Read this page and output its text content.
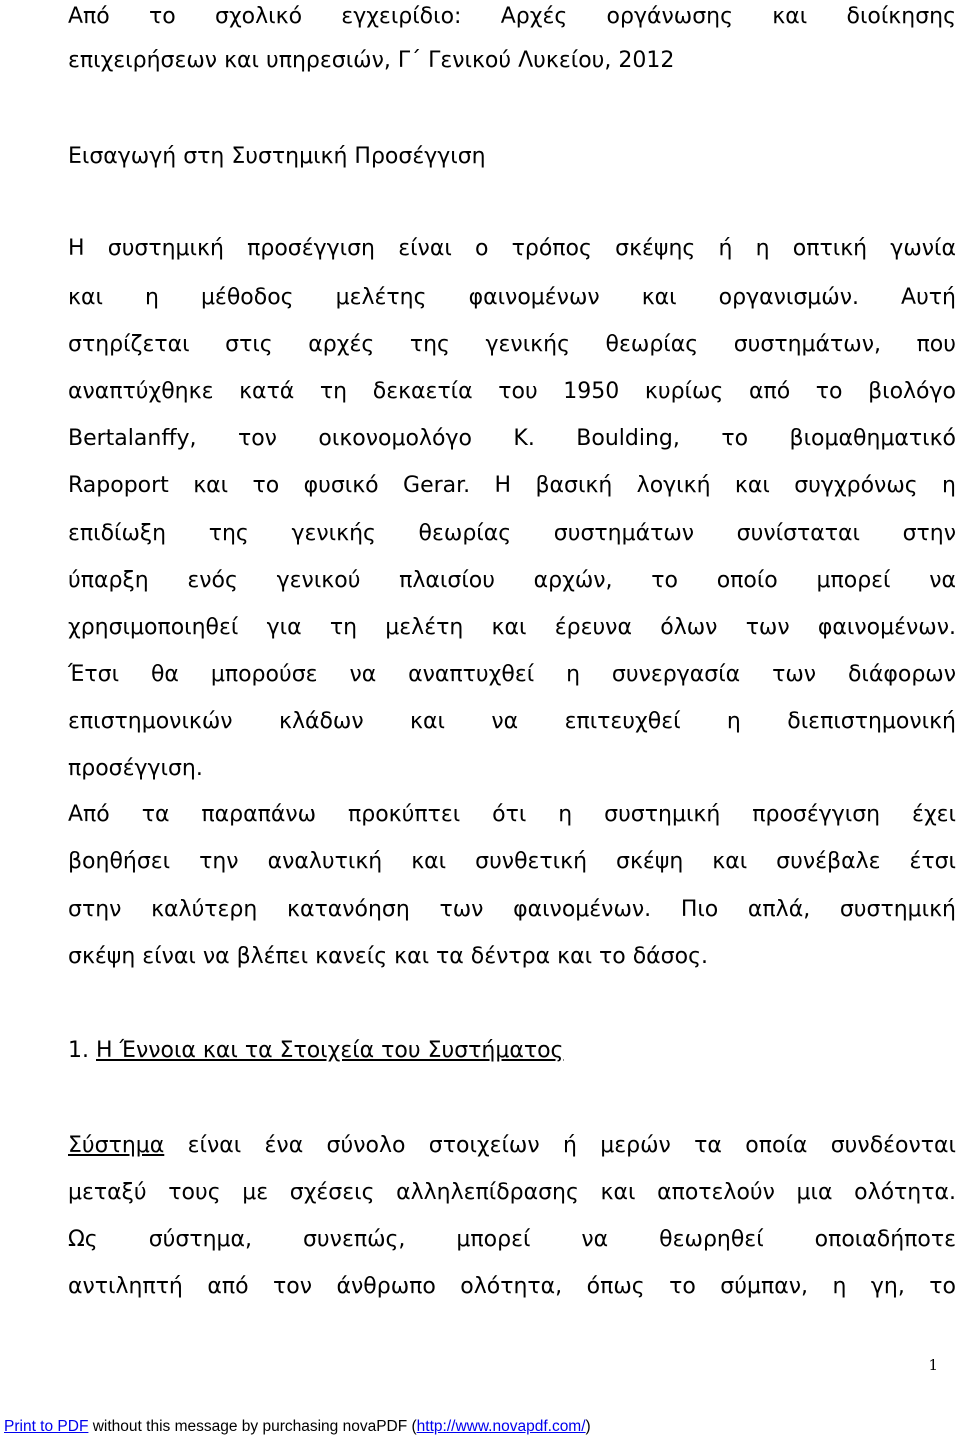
Από το σχολικό εγχειρίδιο: Αρχές οργάνωσης και διοίκησης
επιχειρήσεων και υπηρεσιών, Γ΄ Γενικού Λυκείου, 2012
Εισαγωγή στη Συστημική Προσέγγιση
Η συστημική προσέγγιση είναι ο τρόπος σκέψης ή η οπτική γωνία
και η μέθοδος μελέτης φαινομένων και οργανισμών. Αυτή
στηρίζεται στις αρχές της γενικής θεωρίας συστημάτων, που
αναπτύχθηκε κατά τη δεκαετία του 1950 κυρίως από το βιολόγο
Bertalanffy, τον οικονομολόγο K. Boulding, το βιομαθηματικό
Rapoport και το φυσικό Gerar. Η βασική λογική και συγχρόνως η
επιδίωξη της γενικής θεωρίας συστημάτων συνίσταται στην
ύπαρξη ενός γενικού πλαισίου αρχών, το οποίο μπορεί να
χρησιμοποιηθεί για τη μελέτη και έρευνα όλων των φαινομένων.
Έτσι θα μπορούσε να αναπτυχθεί η συνεργασία των διάφορων
επιστημονικών κλάδων και να επιτευχθεί η διεπιστημονική
προσέγγιση.
Από τα παραπάνω προκύπτει ότι η συστημική προσέγγιση έχει
βοηθήσει την αναλυτική και συνθετική σκέψη και συνέβαλε έτσι
στην καλύτερη κατανόηση των φαινομένων. Πιο απλά, συστημική
σκέψη είναι να βλέπει κανείς και τα δέντρα και το δάσος.
1. Η Έννοια και τα Στοιχεία του Συστήματος
Σύστημα είναι ένα σύνολο στοιχείων ή μερών τα οποία συνδέονται
μεταξύ τους με σχέσεις αλληλεπίδρασης και αποτελούν μια ολότητα.
Ως σύστημα, συνεπώς, μπορεί να θεωρηθεί οποιαδήποτε
αντιληπτή από τον άνθρωπο ολότητα, όπως το σύμπαν, η γη, το
1
Print to PDF without this message by purchasing novaPDF (http://www.novapdf.com/)
